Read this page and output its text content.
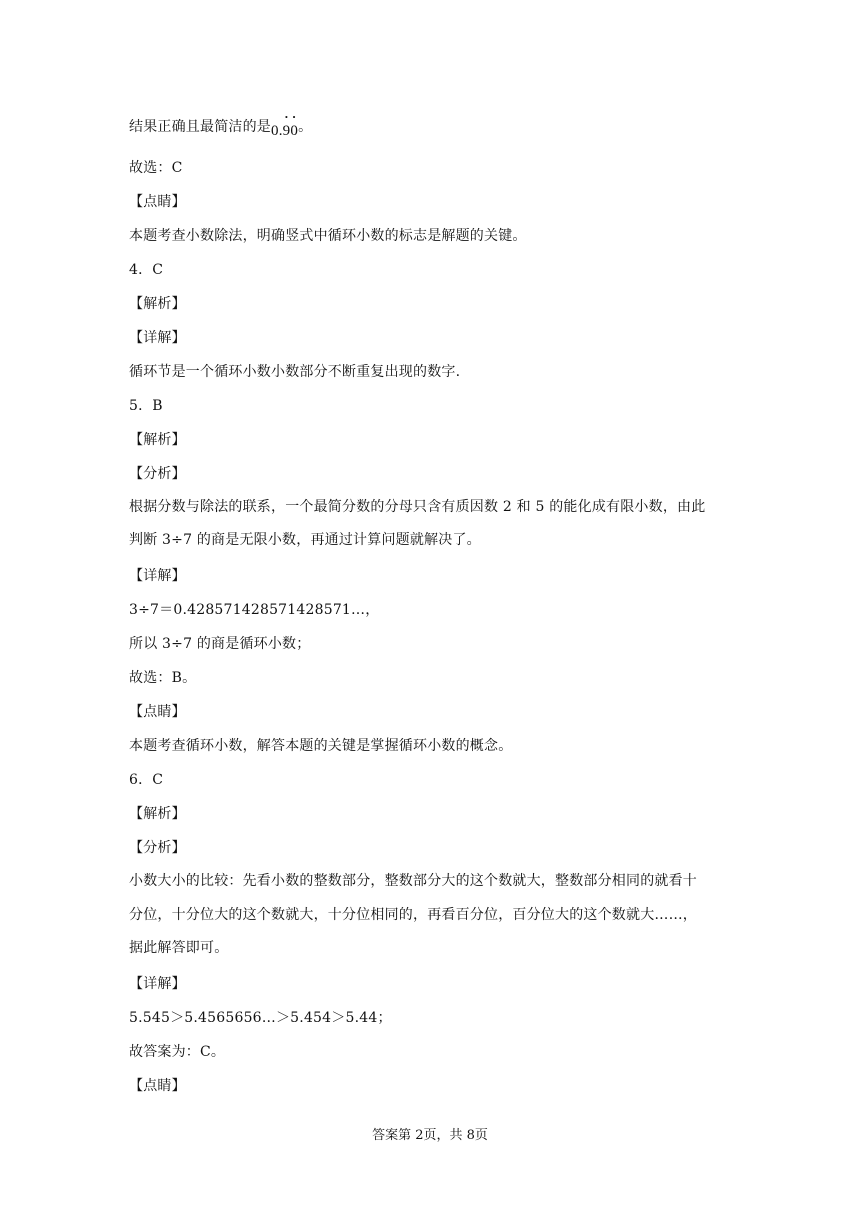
结果正确且最简洁的是0.
·
9
·
0。
故选：C
【点睛】
本题考查小数除法，明确竖式中循环小数的标志是解题的关键。
4．C
【解析】
【详解】
循环节是一个循环小数小数部分不断重复出现的数字.
5．B
【解析】
【分析】
根据分数与除法的联系，一个最简分数的分母只含有质因数 2 和 5 的能化成有限小数，由此
判断 3÷7 的商是无限小数，再通过计算问题就解决了。
【详解】
3÷7＝0.428571428571428571…，
所以 3÷7 的商是循环小数；
故选：B。
【点睛】
本题考查循环小数，解答本题的关键是掌握循环小数的概念。
6．C
【解析】
【分析】
小数大小的比较：先看小数的整数部分，整数部分大的这个数就大，整数部分相同的就看十
分位，十分位大的这个数就大，十分位相同的，再看百分位，百分位大的这个数就大……，
据此解答即可。
【详解】
5.545＞5.4565656…＞5.454＞5.44；
故答案为：C。
【点睛】
答案第 2页，共 8页
